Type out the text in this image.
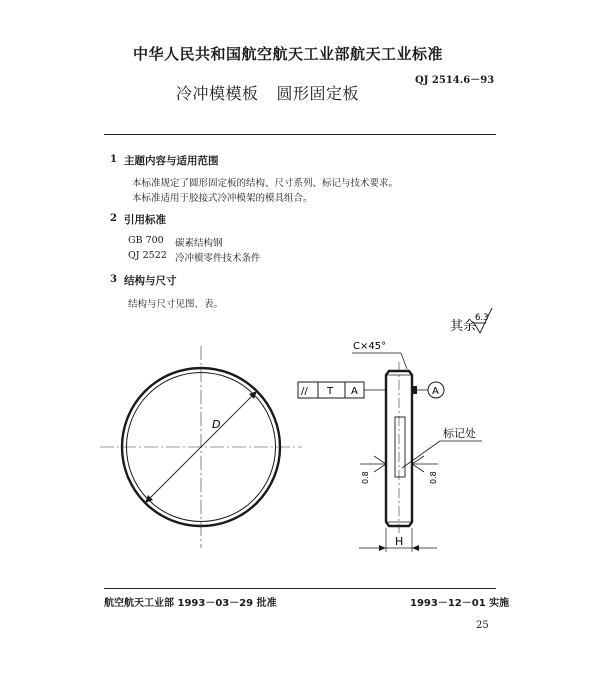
中华人民共和国航空航天工业部航天工业标准
QJ 2514.6－93
冷冲模模板 圆形固定板
1 主题内容与适用范围
本标准规定了圆形固定板的结构、尺寸系列、标记与技术要求。
本标准适用于胶接式冷冲模架的模具组合。
2 引用标准
GB 700 碳素结构钢
QJ 2522 冷冲模零件技术条件
3 结构与尺寸
结构与尺寸见图、表。
其余
6.3
D
C×45°
// T A	A
标记处
0.8	0.8
H
航空航天工业部 1993－03－29 批准	1993－12－01 实施
25
